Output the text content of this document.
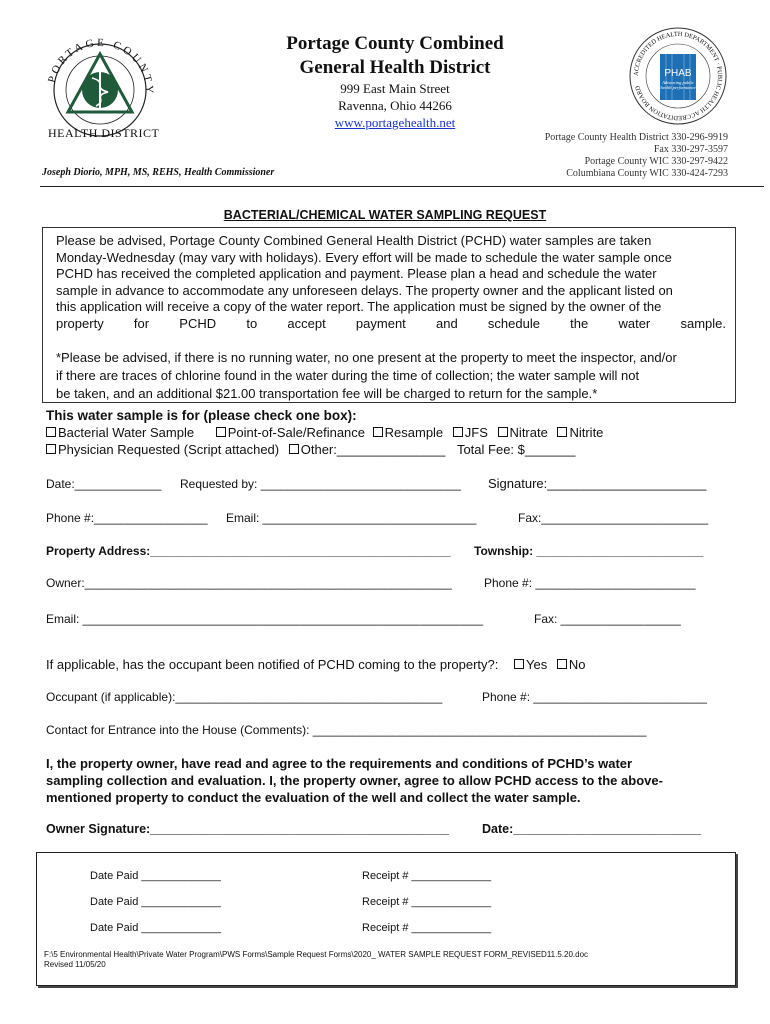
PORTAGE COUNTY
HEALTH DISTRICT
Portage County Combined
General Health District
999 East Main Street
Ravenna, Ohio 44266
www.portagehealth.net
ACCREDITED HEALTH DEPARTMENT · PUBLIC HEALTH ACCREDITATION BOARD
PHAB
Advancing public health performance
Portage County Health District 330-296-9919
Fax 330-297-3597
Portage County WIC 330-297-9422
Columbiana County WIC 330-424-7293
Joseph Diorio, MPH, MS, REHS, Health Commissioner
BACTERIAL/CHEMICAL WATER SAMPLING REQUEST
Please be advised, Portage County Combined General Health District (PCHD) water samples are taken
Monday-Wednesday (may vary with holidays). Every effort will be made to schedule the water sample once
PCHD has received the completed application and payment. Please plan a head and schedule the water
sample in advance to accommodate any unforeseen delays. The property owner and the applicant listed on
this application will receive a copy of the water report. The application must be signed by the owner of the
property for PCHD to accept payment and schedule the water sample.
*Please be advised, if there is no running water, no one present at the property to meet the inspector, and/or
if there are traces of chlorine found in the water during the time of collection; the water sample will not
be taken, and an additional $21.00 transportation fee will be charged to return for the sample.*
This water sample is for (please check one box):
Bacterial Water Sample	Point-of-Sale/Refinance Resample JFS Nitrate Nitrite
Physician Requested (Script attached) Other:_______________ Total Fee: $_______
Date:_____________ Requested by: ______________________________ Signature:______________________
Phone #:_________________ Email: ________________________________	Fax:_________________________
Property Address:_____________________________________________ Township: _________________________
Owner:_______________________________________________________	Phone #: ________________________
Email: ____________________________________________________________	Fax: __________________
If applicable, has the occupant been notified of PCHD coming to the property?: Yes No
Occupant (if applicable):________________________________________	Phone #: __________________________
Contact for Entrance into the House (Comments): __________________________________________________
I, the property owner, have read and agree to the requirements and conditions of PCHD’s water
sampling collection and evaluation. I, the property owner, agree to allow PCHD access to the above-
mentioned property to conduct the evaluation of the well and collect the water sample.
Owner Signature:___________________________________________	Date:___________________________
Date Paid _____________	Receipt # _____________
Date Paid _____________	Receipt # _____________
Date Paid _____________	Receipt # _____________
F:\5 Environmental Health\Private Water Program\PWS Forms\Sample Request Forms\2020_ WATER SAMPLE REQUEST FORM_REVISED11.5.20.doc
Revised 11/05/20
